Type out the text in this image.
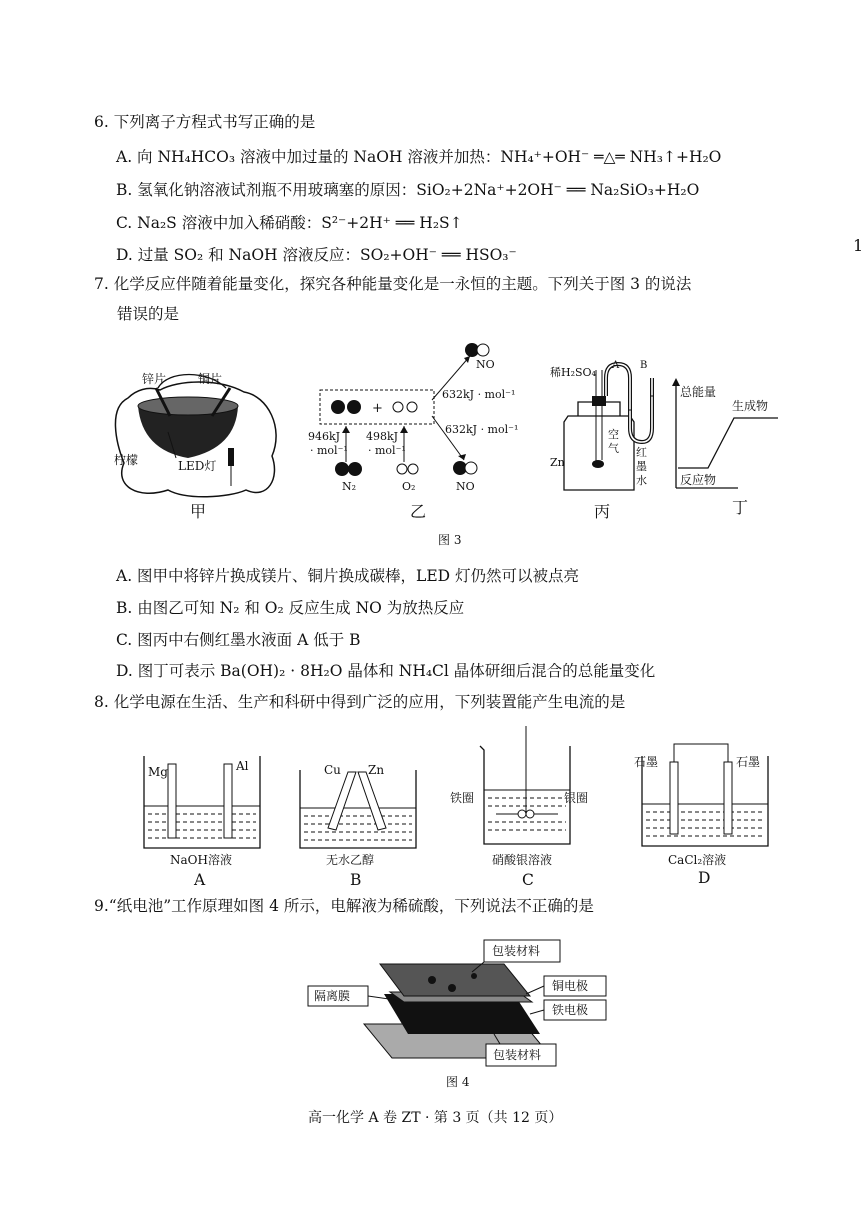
6. 下列离子方程式书写正确的是
A. 向 NH₄HCO₃ 溶液中加过量的 NaOH 溶液并加热：NH₄⁺+OH⁻ ═△═ NH₃↑+H₂O
B. 氢氧化钠溶液试剂瓶不用玻璃塞的原因：SiO₂+2Na⁺+2OH⁻ ══ Na₂SiO₃+H₂O
C. Na₂S 溶液中加入稀硝酸：S²⁻+2H⁺ ══ H₂S↑
D. 过量 SO₂ 和 NaOH 溶液反应：SO₂+OH⁻ ══ HSO₃⁻	1
7. 化学反应伴随着能量变化，探究各种能量变化是一永恒的主题。下列关于图 3 的说法
错误的是
锌片	铜片
柠檬	LED灯
甲
NO
+
632kJ · mol⁻¹
632kJ · mol⁻¹
946kJ
· mol⁻¹
498kJ
· mol⁻¹
N₂	O₂	NO
乙
稀H₂SO₄
A B
空
气
Zn
红
墨
水
丙
总能量
生成物
反应物
丁
图 3
A. 图甲中将锌片换成镁片、铜片换成碳棒，LED 灯仍然可以被点亮
B. 由图乙可知 N₂ 和 O₂ 反应生成 NO 为放热反应
C. 图丙中右侧红墨水液面 A 低于 B
D. 图丁可表示 Ba(OH)₂ · 8H₂O 晶体和 NH₄Cl 晶体研细后混合的总能量变化
8. 化学电源在生活、生产和科研中得到广泛的应用，下列装置能产生电流的是
Mg	Al
NaOH溶液
A
Cu Zn
无水乙醇
B
铁圈	银圈
硝酸银溶液
C
石墨	石墨
CaCl₂溶液
D
9.“纸电池”工作原理如图 4 所示，电解液为稀硫酸，下列说法不正确的是
包装材料
铜电极
隔离膜
铁电极
包装材料
图 4
高一化学 A 卷 ZT · 第 3 页（共 12 页）
